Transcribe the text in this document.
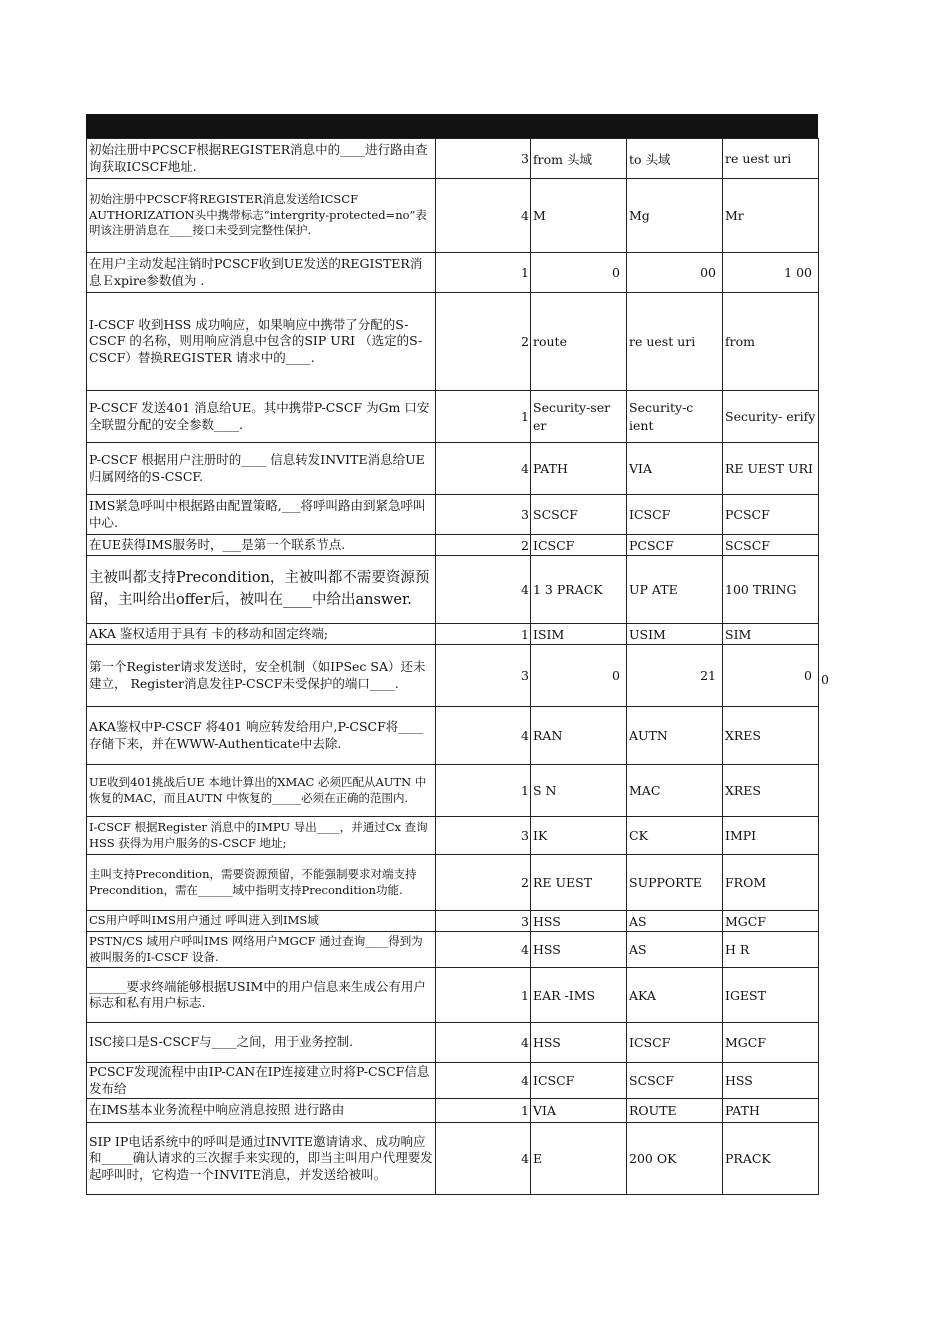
初始注册中PCSCF根据REGISTER消息中的____进行路由查询获取ICSCF地址.	3	from 头域	to 头域	re uest uri
初始注册中PCSCF将REGISTER消息发送给ICSCF AUTHORIZATION头中携带标志“intergrity-protected=no”表明该注册消息在____接口未受到完整性保护.	4	M	Mg	Mr
在用户主动发起注销时PCSCF收到UE发送的REGISTER消息Ｅxpire参数值为 .	1	0	00	1 00
I-CSCF 收到HSS 成功响应，如果响应中携带了分配的S-CSCF 的名称，则用响应消息中包含的SIP URI （选定的S-CSCF）替换REGISTER 请求中的____.	2	route	re uest uri	from
P-CSCF 发送401 消息给UE。其中携带P-CSCF 为Gm 口安全联盟分配的安全参数____.	1	Security-ser er	Security-c ient	Security- erify
P-CSCF 根据用户注册时的____ 信息转发INVITE消息给UE 归属网络的S-CSCF.	4	PATH	VIA	RE UEST URI
IMS紧急呼叫中根据路由配置策略,___将呼叫路由到紧急呼叫中心.	3	SCSCF	ICSCF	PCSCF
在UE获得IMS服务时，___是第一个联系节点.	2	ICSCF	PCSCF	SCSCF
主被叫都支持Precondition，主被叫都不需要资源预留，主叫给出offer后，被叫在____中给出answer.	4	1 3 PRACK	UP ATE	100 TRING
AKA 鉴权适用于具有 卡的移动和固定终端;	1	ISIM	USIM	SIM
第一个Register请求发送时，安全机制（如IPSec SA）还未建立， Register消息发往P-CSCF未受保护的端口____.	3	0	21	0
AKA鉴权中P-CSCF 将401 响应转发给用户,P-CSCF将____存储下来，并在WWW-Authenticate中去除.	4	RAN	AUTN	XRES
UE收到401挑战后UE 本地计算出的XMAC 必须匹配从AUTN 中恢复的MAC，而且AUTN 中恢复的_____必须在正确的范围内.	1	S N	MAC	XRES
I-CSCF 根据Register 消息中的IMPU 导出____，并通过Cx 查询HSS 获得为用户服务的S-CSCF 地址;	3	IK	CK	IMPI
主叫支持Precondition，需要资源预留，不能强制要求对端支持Precondition，需在______域中指明支持Precondition功能.	2	RE UEST	SUPPORTE	FROM
CS用户呼叫IMS用户通过 呼叫进入到IMS域	3	HSS	AS	MGCF
PSTN/CS 域用户呼叫IMS 网络用户MGCF 通过查询____得到为被叫服务的I-CSCF 设备.	4	HSS	AS	H R
______要求终端能够根据USIM中的用户信息来生成公有用户标志和私有用户标志.	1	EAR -IMS	AKA	IGEST
ISC接口是S-CSCF与____之间，用于业务控制.	4	HSS	ICSCF	MGCF
PCSCF发现流程中由IP-CAN在IP连接建立时将P-CSCF信息发布给	4	ICSCF	SCSCF	HSS
在IMS基本业务流程中响应消息按照 进行路由	1	VIA	ROUTE	PATH
SIP IP电话系统中的呼叫是通过INVITE邀请请求、成功响应和_____确认请求的三次握手来实现的，即当主叫用户代理要发起呼叫时，它构造一个INVITE消息，并发送给被叫。	4	E	200 OK	PRACK
0
